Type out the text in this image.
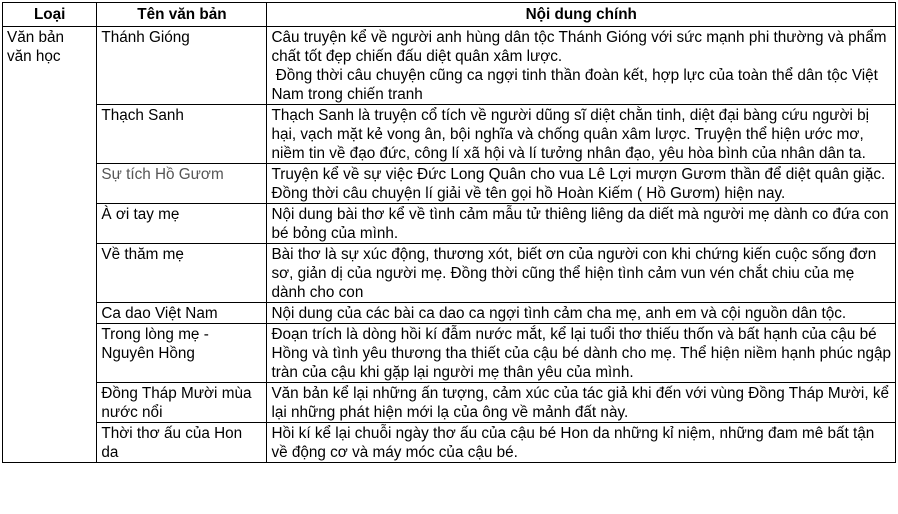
Loại	Tên văn bản	Nội dung chính
Văn bản văn học	Thánh Gióng	Câu truyện kể về người anh hùng dân tộc Thánh Gióng với sức mạnh phi thường và phẩm chất tốt đẹp chiến đấu diệt quân xâm lược.
Đồng thời câu chuyện cũng ca ngợi tinh thần đoàn kết, hợp lực của toàn thể dân tộc Việt Nam trong chiến tranh

	Thạch Sanh	Thạch Sanh là truyện cổ tích về người dũng sĩ diệt chằn tinh, diệt đại bàng cứu người bị hại, vạch mặt kẻ vong ân, bội nghĩa và chống quân xâm lược. Truyện thể hiện ước mơ, niềm tin về đạo đức, công lí xã hội và lí tưởng nhân đạo, yêu hòa bình của nhân dân ta.

	Sự tích Hồ Gươm	Truyện kể về sự việc Đức Long Quân cho vua Lê Lợi mượn Gươm thần để diệt quân giặc. Đồng thời câu chuyện lí giải về tên gọi hồ Hoàn Kiếm ( Hồ Gươm) hiện nay.

	À ơi tay mẹ	Nội dung bài thơ kể về tình cảm mẫu tử thiêng liêng da diết mà người mẹ dành co đứa con bé bỏng của mình.

	Về thăm mẹ	Bài thơ là sự xúc động, thương xót, biết ơn của người con khi chứng kiến cuộc sống đơn sơ, giản dị của người mẹ. Đồng thời cũng thể hiện tình cảm vun vén chắt chiu của mẹ dành cho con

	Ca dao Việt Nam	Nội dung của các bài ca dao ca ngợi tình cảm cha mẹ, anh em và cội nguồn dân tộc.

	Trong lòng mẹ - Nguyên Hồng	Đoạn trích là dòng hồi kí đẫm nước mắt, kể lại tuổi thơ thiếu thốn và bất hạnh của cậu bé Hồng và tình yêu thương tha thiết của cậu bé dành cho mẹ. Thể hiện niềm hạnh phúc ngập tràn của cậu khi gặp lại người mẹ thân yêu của mình.

	Đồng Tháp Mười mùa nước nổi	Văn bản kể lại những ấn tượng, cảm xúc của tác giả khi đến với vùng Đồng Tháp Mười, kể lại những phát hiện mới lạ của ông về mảnh đất này.

	Thời thơ ấu của Hon da	Hồi kí kể lại chuỗi ngày thơ ấu của cậu bé Hon da những kỉ niệm, những đam mê bất tận về động cơ và máy móc của cậu bé.
